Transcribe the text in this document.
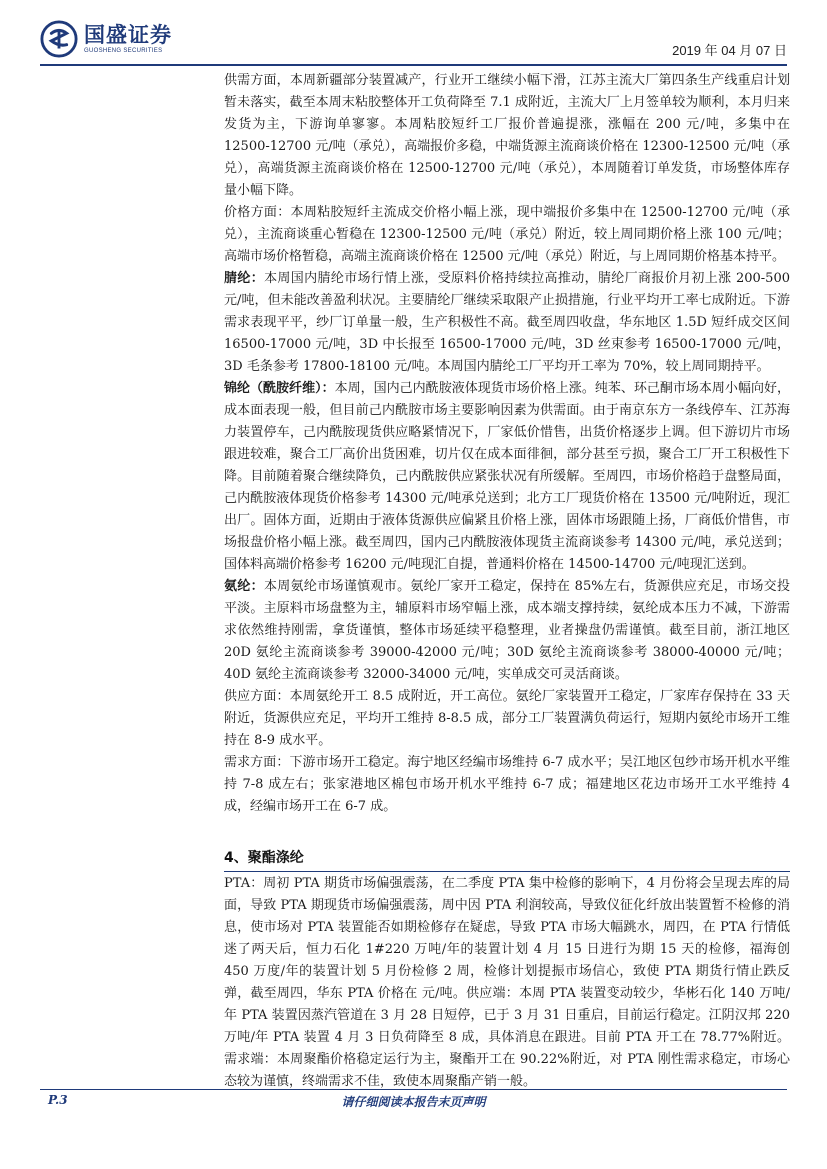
国盛证券
GUOSHENG SECURITIES	2019 年 04 月 07 日

供需方面，本周新疆部分装置减产，行业开工继续小幅下滑，江苏主流大厂第四条生产线重启计划暂未落实，截至本周末粘胶整体开工负荷降至 7.1 成附近，主流大厂上月签单较为顺利，本月归来发货为主，下游询单寥寥。本周粘胶短纤工厂报价普遍提涨，涨幅在 200 元/吨，多集中在 12500-12700 元/吨（承兑），高端报价多稳，中端货源主流商谈价格在 12300-12500 元/吨（承兑），高端货源主流商谈价格在 12500-12700 元/吨（承兑），本周随着订单发货，市场整体库存量小幅下降。

价格方面：本周粘胶短纤主流成交价格小幅上涨，现中端报价多集中在 12500-12700 元/吨（承兑），主流商谈重心暂稳在 12300-12500 元/吨（承兑）附近，较上周同期价格上涨 100 元/吨；高端市场价格暂稳，高端主流商谈价格在 12500 元/吨（承兑）附近，与上周同期价格基本持平。

腈纶：本周国内腈纶市场行情上涨，受原料价格持续拉高推动，腈纶厂商报价月初上涨 200-500 元/吨，但未能改善盈利状况。主要腈纶厂继续采取限产止损措施，行业平均开工率七成附近。下游需求表现平平，纱厂订单量一般，生产积极性不高。截至周四收盘，华东地区 1.5D 短纤成交区间 16500-17000 元/吨，3D 中长报至 16500-17000 元/吨，3D 丝束参考 16500-17000 元/吨，3D 毛条参考 17800-18100 元/吨。本周国内腈纶工厂平均开工率为 70%，较上周同期持平。

锦纶（酰胺纤维）：本周，国内己内酰胺液体现货市场价格上涨。纯苯、环己酮市场本周小幅向好，成本面表现一般，但目前己内酰胺市场主要影响因素为供需面。由于南京东方一条线停车、江苏海力装置停车，己内酰胺现货供应略紧情况下，厂家低价惜售，出货价格逐步上调。但下游切片市场跟进较难，聚合工厂高价出货困难，切片仅在成本面徘徊，部分甚至亏损，聚合工厂开工积极性下降。目前随着聚合继续降负，己内酰胺供应紧张状况有所缓解。至周四，市场价格趋于盘整局面，己内酰胺液体现货价格参考 14300 元/吨承兑送到；北方工厂现货价格在 13500 元/吨附近，现汇出厂。固体方面，近期由于液体货源供应偏紧且价格上涨，固体市场跟随上扬，厂商低价惜售，市场报盘价格小幅上涨。截至周四，国内己内酰胺液体现货主流商谈参考 14300 元/吨，承兑送到；国体料高端价格参考 16200 元/吨现汇自提，普通料价格在 14500-14700 元/吨现汇送到。

氨纶：本周氨纶市场谨慎观市。氨纶厂家开工稳定，保持在 85%左右，货源供应充足，市场交投平淡。主原料市场盘整为主，辅原料市场窄幅上涨，成本端支撑持续，氨纶成本压力不减，下游需求依然维持刚需，拿货谨慎，整体市场延续平稳整理，业者操盘仍需谨慎。截至目前，浙江地区 20D 氨纶主流商谈参考 39000-42000 元/吨；30D 氨纶主流商谈参考 38000-40000 元/吨；40D 氨纶主流商谈参考 32000-34000 元/吨，实单成交可灵活商谈。

供应方面：本周氨纶开工 8.5 成附近，开工高位。氨纶厂家装置开工稳定，厂家库存保持在 33 天附近，货源供应充足，平均开工维持 8-8.5 成，部分工厂装置满负荷运行，短期内氨纶市场开工维持在 8-9 成水平。

需求方面：下游市场开工稳定。海宁地区经编市场维持 6-7 成水平；吴江地区包纱市场开机水平维持 7-8 成左右；张家港地区棉包市场开机水平维持 6-7 成；福建地区花边市场开工水平维持 4 成，经编市场开工在 6-7 成。

4、聚酯涤纶

PTA：周初 PTA 期货市场偏强震荡，在二季度 PTA 集中检修的影响下，4 月份将会呈现去库的局面，导致 PTA 期现货市场偏强震荡，周中因 PTA 利润较高，导致仪征化纤放出装置暂不检修的消息，使市场对 PTA 装置能否如期检修存在疑虑，导致 PTA 市场大幅跳水，周四，在 PTA 行情低迷了两天后，恒力石化 1#220 万吨/年的装置计划 4 月 15 日进行为期 15 天的检修，福海创 450 万度/年的装置计划 5 月份检修 2 周，检修计划提振市场信心，致使 PTA 期货行情止跌反弹，截至周四，华东 PTA 价格在 元/吨。供应端：本周 PTA 装置变动较少，华彬石化 140 万吨/年 PTA 装置因蒸汽管道在 3 月 28 日短停，已于 3 月 31 日重启，目前运行稳定。江阴汉邦 220 万吨/年 PTA 装置 4 月 3 日负荷降至 8 成，具体消息在跟进。目前 PTA 开工在 78.77%附近。需求端：本周聚酯价格稳定运行为主，聚酯开工在 90.22%附近，对 PTA 刚性需求稳定，市场心态较为谨慎，终端需求不佳，致使本周聚酯产销一般。

P.3	请仔细阅读本报告末页声明
